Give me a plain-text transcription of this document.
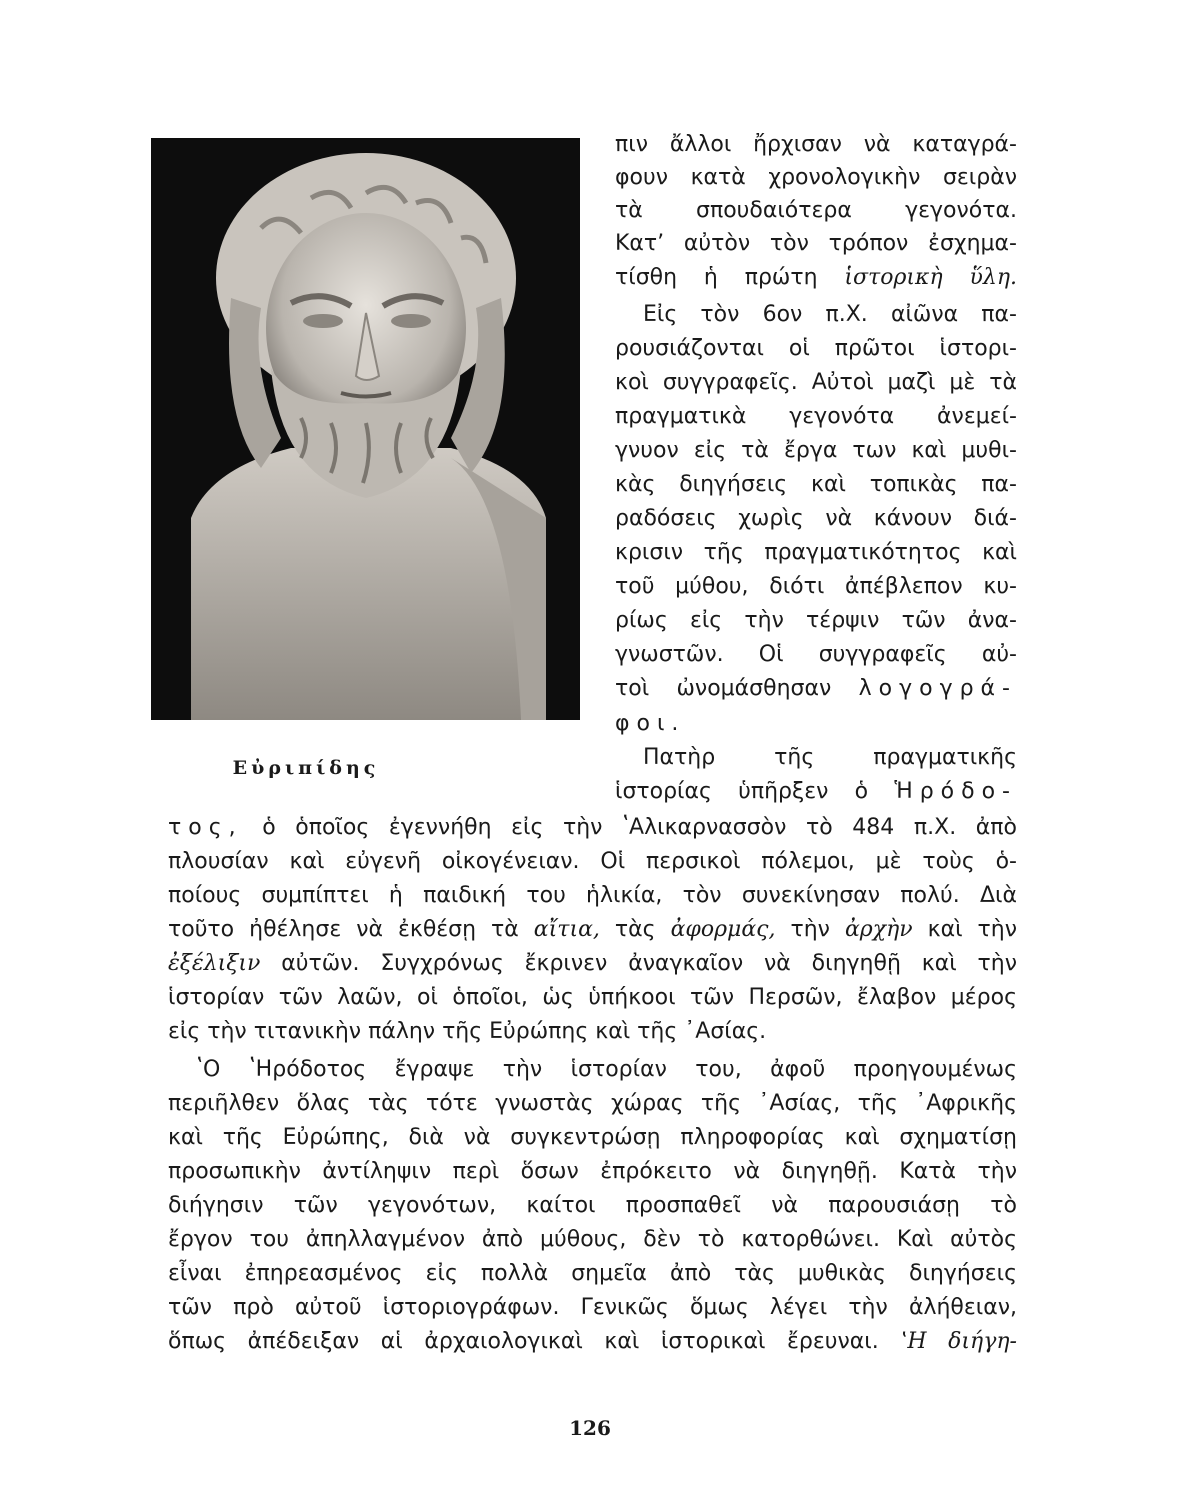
Εὐριπίδης
πιν ἄλλοι ἤρχισαν νὰ καταγρά-
φουν κατὰ χρονολογικὴν σειρὰν
τὰ σπουδαιότερα γεγονότα.
Κατ’ αὐτὸν τὸν τρόπον ἐσχημα-
τίσθη ἡ πρώτη ἱστορικὴ ὕλη.
Εἰς τὸν 6ον π.Χ. αἰῶνα πα-
ρουσιάζονται οἱ πρῶτοι ἱστορι-
κοὶ συγγραφεῖς. Αὐτοὶ μαζὶ μὲ τὰ
πραγματικὰ γεγονότα ἀνεμεί-
γνυον εἰς τὰ ἔργα των καὶ μυθι-
κὰς διηγήσεις καὶ τοπικὰς πα-
ραδόσεις χωρὶς νὰ κάνουν διά-
κρισιν τῆς πραγματικότητος καὶ
τοῦ μύθου, διότι ἀπέβλεπον κυ-
ρίως εἰς τὴν τέρψιν τῶν ἀνα-
γνωστῶν. Οἱ συγγραφεῖς αὐ-
τοὶ ὠνομάσθησαν λογογρά-
φοι.
Πατὴρ τῆς πραγματικῆς
ἱστορίας ὑπῆρξεν ὁ Ἡρόδο-
τος, ὁ ὁποῖος ἐγεννήθη εἰς τὴν ʽΑλικαρνασσὸν τὸ 484 π.Χ. ἀπὸ
πλουσίαν καὶ εὐγενῆ οἰκογένειαν. Οἱ περσικοὶ πόλεμοι, μὲ τοὺς ὁ-
ποίους συμπίπτει ἡ παιδική του ἡλικία, τὸν συνεκίνησαν πολύ. Διὰ
τοῦτο ἠθέλησε νὰ ἐκθέσῃ τὰ αἴτια, τὰς ἀφορμάς, τὴν ἀρχὴν καὶ τὴν
ἐξέλιξιν αὐτῶν. Συγχρόνως ἔκρινεν ἀναγκαῖον νὰ διηγηθῇ καὶ τὴν
ἱστορίαν τῶν λαῶν, οἱ ὁποῖοι, ὡς ὑπήκοοι τῶν Περσῶν, ἔλαβον μέρος
εἰς τὴν τιτανικὴν πάλην τῆς Εὐρώπης καὶ τῆς ᾿Ασίας.
ʽΟ ʽΗρόδοτος ἔγραψε τὴν ἱστορίαν του, ἀφοῦ προηγουμένως
περιῆλθεν ὅλας τὰς τότε γνωστὰς χώρας τῆς ᾿Ασίας, τῆς ᾿Αφρικῆς
καὶ τῆς Εὐρώπης, διὰ νὰ συγκεντρώσῃ πληροφορίας καὶ σχηματίσῃ
προσωπικὴν ἀντίληψιν περὶ ὅσων ἐπρόκειτο νὰ διηγηθῇ. Κατὰ τὴν
διήγησιν τῶν γεγονότων, καίτοι προσπαθεῖ νὰ παρουσιάσῃ τὸ
ἔργον του ἀπηλλαγμένον ἀπὸ μύθους, δὲν τὸ κατορθώνει. Καὶ αὐτὸς
εἶναι ἐπηρεασμένος εἰς πολλὰ σημεῖα ἀπὸ τὰς μυθικὰς διηγήσεις
τῶν πρὸ αὐτοῦ ἱστοριογράφων. Γενικῶς ὅμως λέγει τὴν ἀλήθειαν,
ὅπως ἀπέδειξαν αἱ ἀρχαιολογικαὶ καὶ ἱστορικαὶ ἔρευναι. ʽΗ διήγη-
126
